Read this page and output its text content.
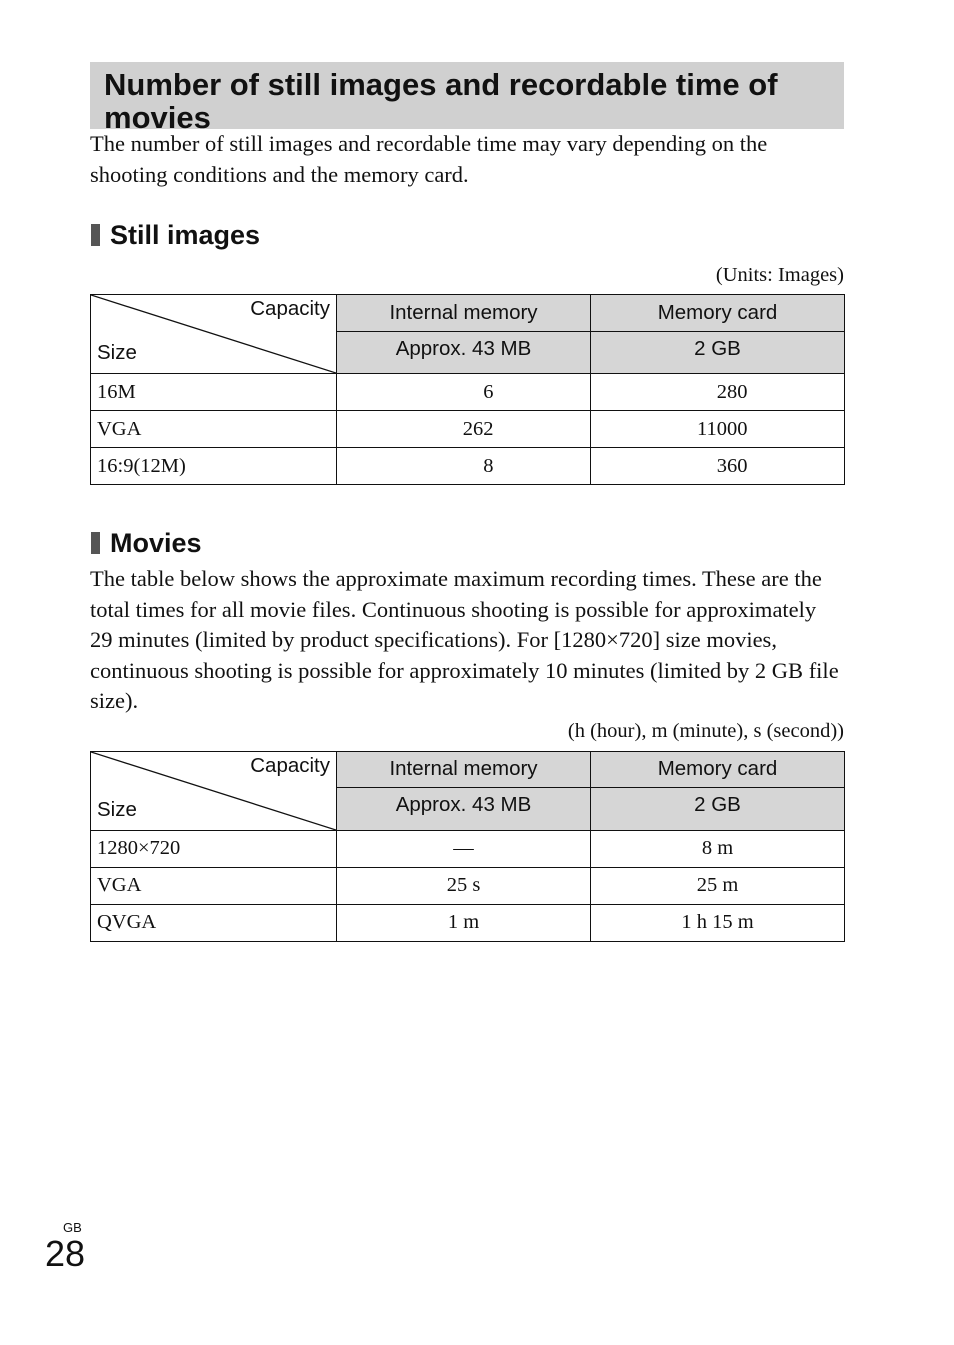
Number of still images and recordable time of movies

The number of still images and recordable time may vary depending on the shooting conditions and the memory card.

Still images
(Units: Images)
Capacity
Size	Internal memory	Memory card
	Approx. 43 MB	2 GB
16M	6	280
VGA	262	11000
16:9(12M)	8	360
Movies

The table below shows the approximate maximum recording times. These are the total times for all movie files. Continuous shooting is possible for approximately 29 minutes (limited by product specifications). For [1280×720] size movies, continuous shooting is possible for approximately 10 minutes (limited by 2 GB file size).

(h (hour), m (minute), s (second))
Capacity
Size	Internal memory	Memory card
	Approx. 43 MB	2 GB
1280×720	—	8 m
VGA	25 s	25 m
QVGA	1 m	1 h 15 m
GB
28
